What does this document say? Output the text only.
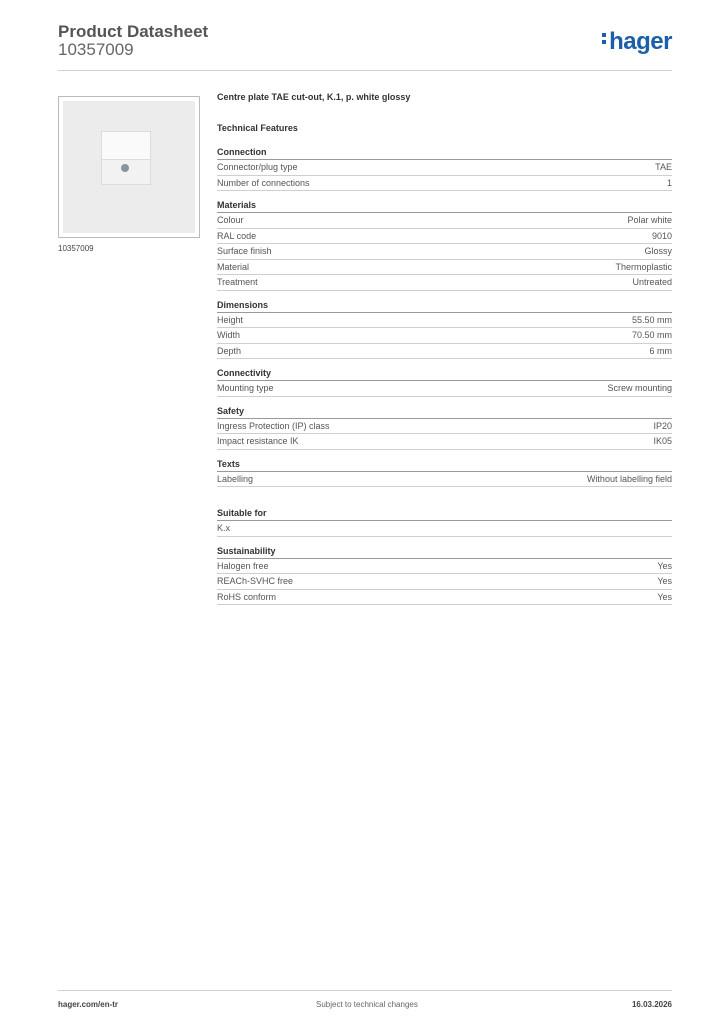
Product Datasheet
10357009	hager
10357009
Centre plate TAE cut-out, K.1, p. white glossy
Technical Features
Connection
Connector/plug type	TAE
Number of connections	1
Materials
Colour	Polar white
RAL code	9010
Surface finish	Glossy
Material	Thermoplastic
Treatment	Untreated
Dimensions
Height	55.50 mm
Width	70.50 mm
Depth	6 mm
Connectivity
Mounting type	Screw mounting
Safety
Ingress Protection (IP) class	IP20
Impact resistance IK	IK05
Texts
Labelling	Without labelling field
Suitable for
K.x
Sustainability
Halogen free	Yes
REACh-SVHC free	Yes
RoHS conform	Yes
hager.com/en-tr	Subject to technical changes	16.03.2026
